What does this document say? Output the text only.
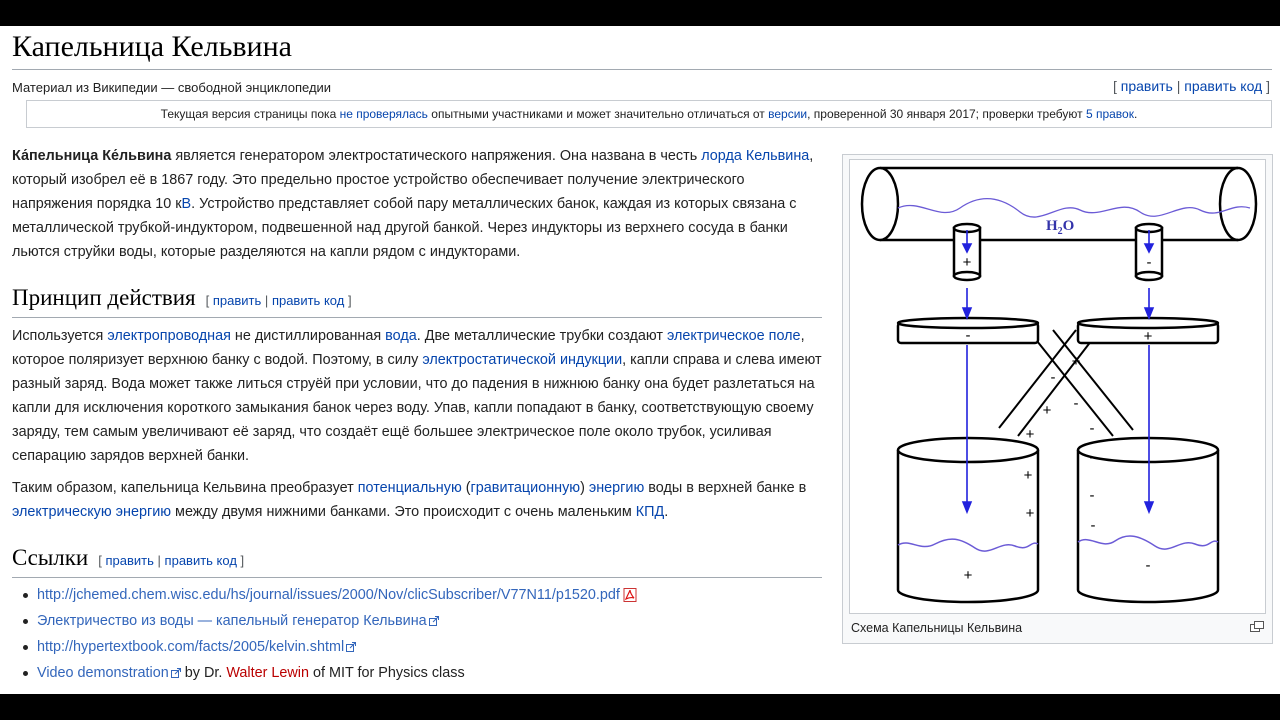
Капельница Кельвина
Материал из Википедии — свободной энциклопедии	[ править | править код ]
Текущая версия страницы пока не проверялась опытными участниками и может значительно отличаться от версии, проверенной 30 января 2017; проверки требуют 5 правок.

Ка́пельница Ке́львина является генератором электростатического напряжения. Она названа в честь лорда Кельвина, который изобрел её в 1867 году. Это предельно простое устройство обеспечивает получение электрического напряжения порядка 10 кВ. Устройство представляет собой пару металлических банок, каждая из которых связана с металлической трубкой-индуктором, подвешенной над другой банкой. Через индукторы из верхнего сосуда в банки льются струйки воды, которые разделяются на капли рядом с индукторами.

Принцип действия [ править | править код ]

Используется электропроводная не дистиллированная вода. Две металлические трубки создают электрическое поле, которое поляризует верхнюю банку с водой. Поэтому, в силу электростатической индукции, капли справа и слева имеют разный заряд. Вода может также литься струёй при условии, что до падения в нижнюю банку она будет разлетаться на капли для исключения короткого замыкания банок через воду. Упав, капли попадают в банку, соответствующую своему заряду, тем самым увеличивают её заряд, что создаёт ещё большее электрическое поле около трубок, усиливая сепарацию зарядов верхней банки.

Таким образом, капельница Кельвина преобразует потенциальную (гравитационную) энергию воды в верхней банке в электрическую энергию между двумя нижними банками. Это происходит с очень маленьким КПД.

Ссылки [ править | править код ]
http://jchemed.chem.wisc.edu/hs/journal/issues/2000/Nov/clicSubscriber/V77N11/p1520.pdf
Электричество из воды — капельный генератор Кельвина
http://hypertextbook.com/facts/2005/kelvin.shtml
Video demonstration by Dr. Walter Lewin of MIT for Physics class
$H_2O$
+	-
-	+
+
-
+ -
+	-
+
+
+
-
-
-
-
Схема Капельницы Кельвина
